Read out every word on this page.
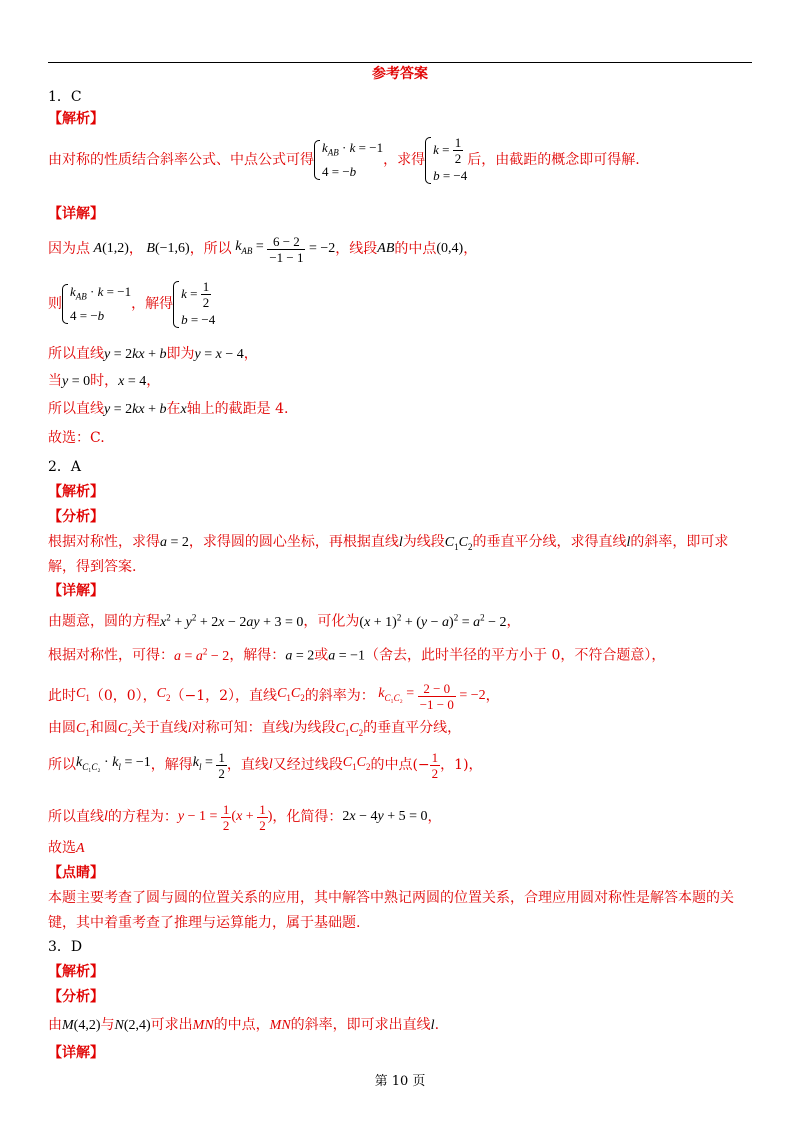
参考答案
1．C
【解析】
由对称的性质结合斜率公式、中点公式可得
$k_{AB} \cdot k = -1$
4 = −b
，求得
$k = \frac{1}{2}$
b = −4
后，由截距的概念即可得解.
【详解】
因为点 A(1,2) ， B(−1,6) ，所以 $k_{AB} = \frac{6 - 2}{-1 - 1} = -2$ ，线段 AB 的中点 (0,4) ，
则
$k_{AB} \cdot k = -1$
4 = −b
，解得
$k = \frac{1}{2}$
b = −4
所以直线y = 2kx + b即为y = x − 4，
当y = 0时，x = 4，
所以直线y = 2kx + b在x轴上的截距是 4.
故选：C.
2．A
【解析】
【分析】
根据对称性，求得a = 2，求得圆的圆心坐标，再根据直线l为线段$C_1C_2$的垂直平分线，求得直线l的斜率，即可求
解，得到答案.
【详解】
由题意，圆的方程$x^2 + y^2 + 2x - 2ay + 3 = 0$，可化为$(x + 1)^2 + (y - a)^2 = a^2 - 2$，
根据对称性，可得：$a = a^2 - 2$，解得：a = 2或a = −1（舍去，此时半径的平方小于 0，不符合题意），
此时 $C_1$ （0，0）， $C_2$ （−1，2），直线 $C_1C_2$ 的斜率为： $k_{C_1C_2} = \frac{2 - 0}{-1 - 0} = -2$ ，
由圆$C_1$和圆$C_2$关于直线l对称可知：直线l为线段$C_1C_2$的垂直平分线，
所以 $k_{C_1C_2} \cdot k_l = -1$ ，解得 $k_l = \frac{1}{2}$ ，直线 l 又经过线段 $C_1C_2$ 的中点(− $\frac{1}{2}$ ，1)，
所以直线 l 的方程为： $y - 1 = \frac{1}{2} (x + \frac{1}{2}$ ) ，化简得： 2x − 4y + 5 = 0 ，
故选A
【点睛】
本题主要考查了圆与圆的位置关系的应用，其中解答中熟记两圆的位置关系，合理应用圆对称性是解答本题的关
键，其中着重考查了推理与运算能力，属于基础题.
3．D
【解析】
【分析】
由M(4,2)与N(2,4)可求出MN的中点，MN的斜率，即可求出直线l.
【详解】
第 10 页
